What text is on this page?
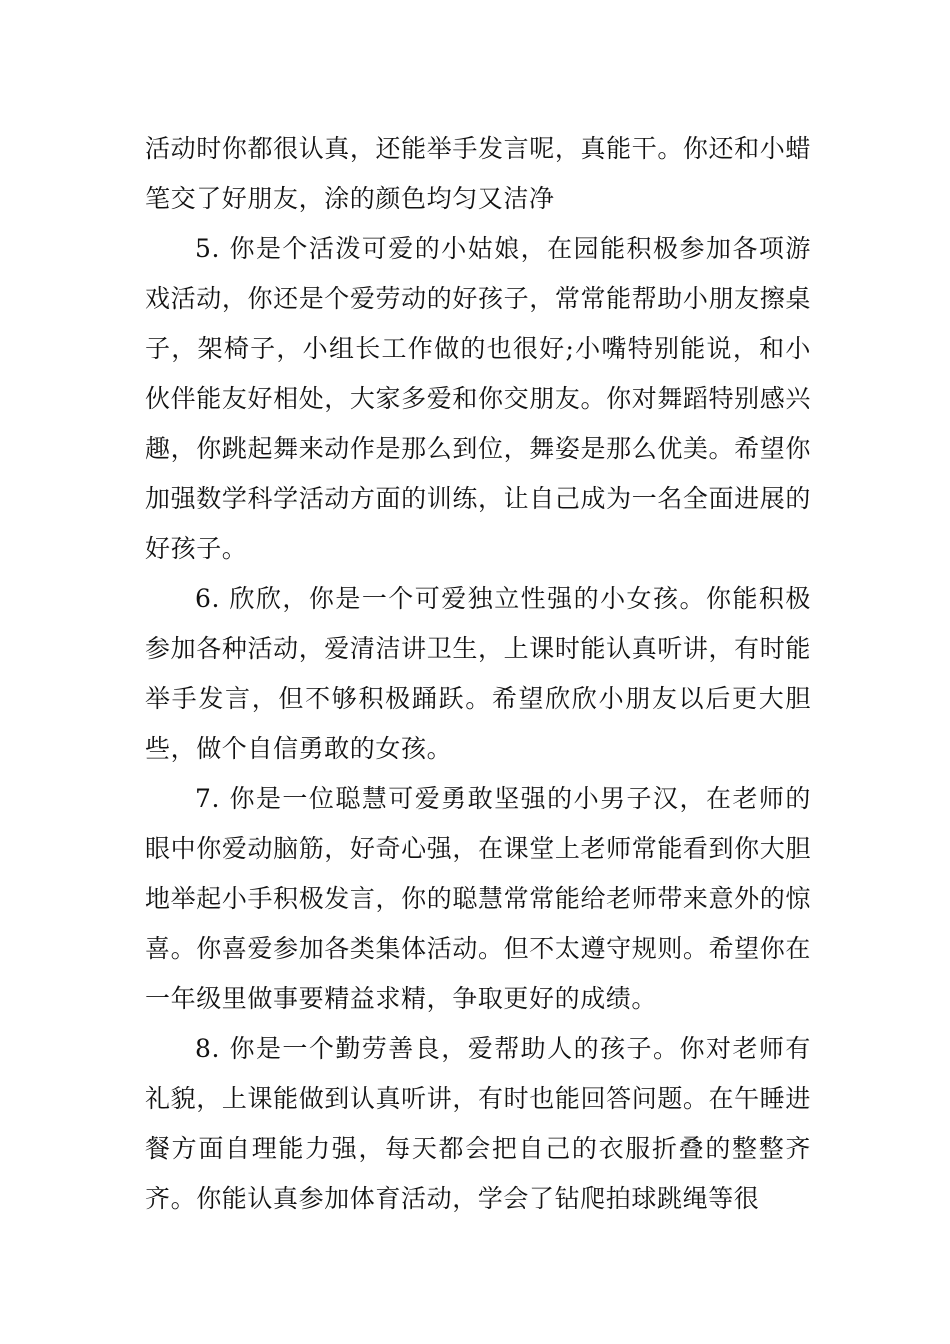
活动时你都很认真，还能举手发言呢，真能干。你还和小蜡笔交了好朋友，涂的颜色均匀又洁净

5. 你是个活泼可爱的小姑娘，在园能积极参加各项游戏活动，你还是个爱劳动的好孩子，常常能帮助小朋友擦桌子，架椅子，小组长工作做的也很好;小嘴特别能说，和小伙伴能友好相处，大家多爱和你交朋友。你对舞蹈特别感兴趣，你跳起舞来动作是那么到位，舞姿是那么优美。希望你加强数学科学活动方面的训练，让自己成为一名全面进展的好孩子。

6. 欣欣，你是一个可爱独立性强的小女孩。你能积极参加各种活动，爱清洁讲卫生，上课时能认真听讲，有时能举手发言，但不够积极踊跃。希望欣欣小朋友以后更大胆些，做个自信勇敢的女孩。

7. 你是一位聪慧可爱勇敢坚强的小男子汉，在老师的眼中你爱动脑筋，好奇心强，在课堂上老师常能看到你大胆地举起小手积极发言，你的聪慧常常能给老师带来意外的惊喜。你喜爱参加各类集体活动。但不太遵守规则。希望你在一年级里做事要精益求精，争取更好的成绩。

8. 你是一个勤劳善良，爱帮助人的孩子。你对老师有礼貌，上课能做到认真听讲，有时也能回答问题。在午睡进餐方面自理能力强，每天都会把自己的衣服折叠的整整齐齐。你能认真参加体育活动，学会了钻爬拍球跳绳等很
